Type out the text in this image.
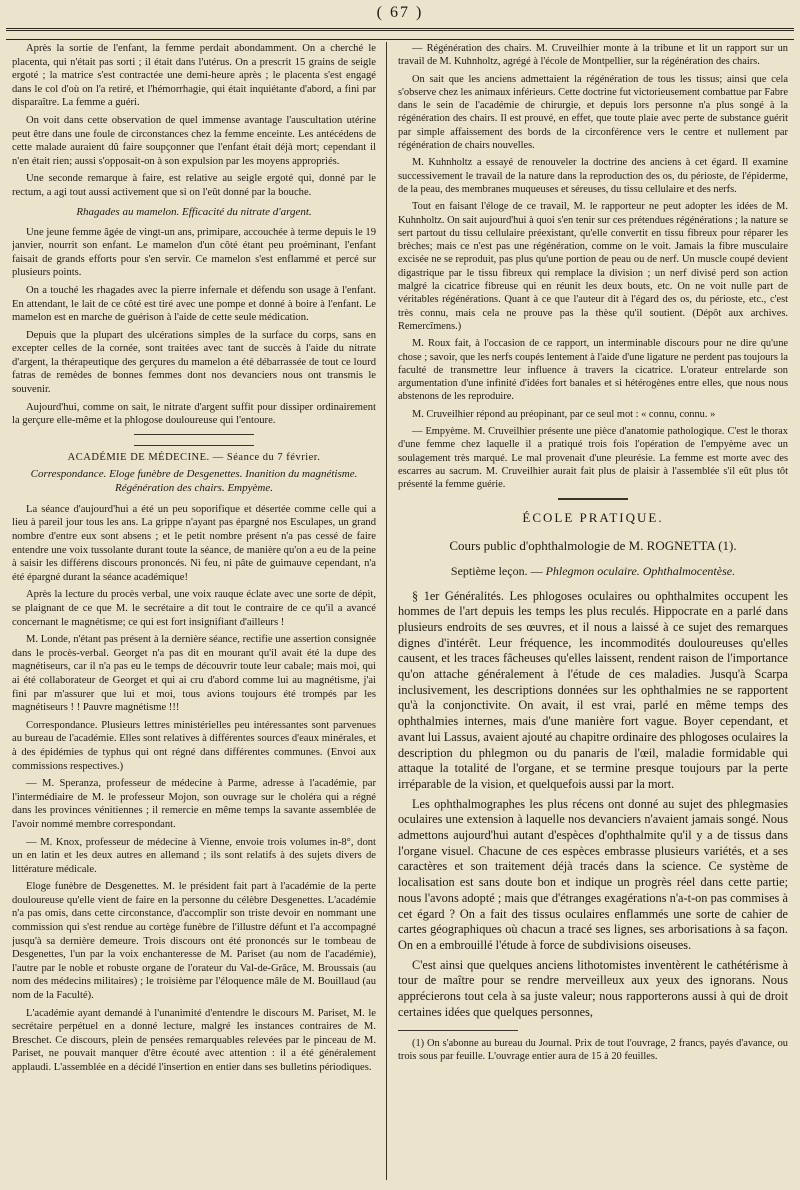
( 67 )

Après la sortie de l'enfant, la femme perdait abondamment. On a cherché le placenta, qui n'était pas sorti ; il était dans l'utérus. On a prescrit 15 grains de seigle ergoté ; la matrice s'est contractée une demi-heure après ; le placenta s'est engagé dans le col d'où on l'a retiré, et l'hémorrhagie, qui était inquiétante d'abord, a fini par disparaître. La femme a guéri.

On voit dans cette observation de quel immense avantage l'auscultation utérine peut être dans une foule de circonstances chez la femme enceinte. Les antécédens de cette malade auraient dû faire soupçonner que l'enfant était déjà mort; cependant il n'en était rien; aussi s'opposait-on à son expulsion par les moyens appropriés.

Une seconde remarque à faire, est relative au seigle ergoté qui, donné par le rectum, a agi tout aussi activement que si on l'eût donné par la bouche.

Rhagades au mamelon. Efficacité du nitrate d'argent.

Une jeune femme âgée de vingt-un ans, primipare, accouchée à terme depuis le 19 janvier, nourrit son enfant. Le mamelon d'un côté étant peu proéminant, l'enfant faisait de grands efforts pour s'en servir. Ce mamelon s'est enflammé et percé sur plusieurs points.

On a touché les rhagades avec la pierre infernale et défendu son usage à l'enfant. En attendant, le lait de ce côté est tiré avec une pompe et donné à boire à l'enfant. Le mamelon est en marche de guérison à l'aide de cette seule médication.

Depuis que la plupart des ulcérations simples de la surface du corps, sans en excepter celles de la cornée, sont traitées avec tant de succès à l'aide du nitrate d'argent, la thérapeutique des gerçures du mamelon a été débarrassée de tout ce lourd fatras de remèdes de bonnes femmes dont nos devanciers nous ont transmis le souvenir.

Aujourd'hui, comme on sait, le nitrate d'argent suffit pour dissiper ordinairement la gerçure elle-même et la phlogose douloureuse qui l'entoure.

ACADÉMIE DE MÉDECINE. — Séance du 7 février.
Correspondance. Eloge funèbre de Desgenettes. Inanition du magnétisme. Régénération des chairs. Empyème.

La séance d'aujourd'hui a été un peu soporifique et désertée comme celle qui a lieu à pareil jour tous les ans. La grippe n'ayant pas épargné nos Esculapes, un grand nombre d'entre eux sont absens ; et le petit nombre présent n'a pas cessé de faire entendre une voix tussolante durant toute la séance, de manière qu'on a eu de la peine à saisir les différens discours prononcés. Ni feu, ni pâte de guimauve cependant, n'a été épargné durant la séance académique!

Après la lecture du procès verbal, une voix rauque éclate avec une sorte de dépit, se plaignant de ce que M. le secrétaire a dit tout le contraire de ce qu'il a avancé concernant le magnétisme; ce qui est fort insignifiant d'ailleurs !

M. Londe, n'étant pas présent à la dernière séance, rectifie une assertion consignée dans le procès-verbal. Georget n'a pas dit en mourant qu'il avait été la dupe des magnétiseurs, car il n'a pas eu le temps de découvrir toute leur cabale; mais moi, qui ai été collaborateur de Georget et qui ai cru d'abord comme lui au magnétisme, j'ai fini par m'assurer que lui et moi, tous avions toujours été trompés par les magnétiseurs ! ! Pauvre magnétisme !!!

Correspondance. Plusieurs lettres ministérielles peu intéressantes sont parvenues au bureau de l'académie. Elles sont relatives à différentes sources d'eaux minérales, et à des épidémies de typhus qui ont régné dans différentes communes. (Envoi aux commissions respectives.)

— M. Speranza, professeur de médecine à Parme, adresse à l'académie, par l'intermédiaire de M. le professeur Mojon, son ouvrage sur le choléra qui a régné dans les provinces vénitiennes ; il remercie en même temps la savante assemblée de l'avoir nommé membre correspondant.

— M. Knox, professeur de médecine à Vienne, envoie trois volumes in-8°, dont un en latin et les deux autres en allemand ; ils sont relatifs à des sujets divers de littérature médicale.

Eloge funèbre de Desgenettes. M. le président fait part à l'académie de la perte douloureuse qu'elle vient de faire en la personne du célèbre Desgenettes. L'académie n'a pas omis, dans cette circonstance, d'accomplir son triste devoir en nommant une commission qui s'est rendue au cortège funèbre de l'illustre défunt et l'a accompagné jusqu'à sa dernière demeure. Trois discours ont été prononcés sur le tombeau de Desgenettes, l'un par la voix enchanteresse de M. Pariset (au nom de l'académie), l'autre par le noble et robuste organe de l'orateur du Val-de-Grâce, M. Broussais (au nom des médecins militaires) ; le troisième par l'éloquence mâle de M. Bouillaud (au nom de la Faculté).

L'académie ayant demandé à l'unanimité d'entendre le discours M. Pariset, M. le secrétaire perpétuel en a donné lecture, malgré les instances contraires de M. Breschet. Ce discours, plein de pensées remarquables relevées par le pinceau de M. Pariset, ne pouvait manquer d'être écouté avec attention : il a été généralement applaudi. L'assemblée en a décidé l'insertion en entier dans ses bulletins périodiques.

— Régénération des chairs. M. Cruveilhier monte à la tribune et lit un rapport sur un travail de M. Kuhnholtz, agrégé à l'école de Montpellier, sur la régénération des chairs.

On sait que les anciens admettaient la régénération de tous les tissus; ainsi que cela s'observe chez les animaux inférieurs. Cette doctrine fut victorieusement combattue par Fabre dans le sein de l'académie de chirurgie, et depuis lors personne n'a plus songé à la régénération des chairs. Il est prouvé, en effet, que toute plaie avec perte de substance guérit par simple affaissement des bords de la circonférence vers le centre et nullement par régénération de chairs nouvelles.

M. Kuhnholtz a essayé de renouveler la doctrine des anciens à cet égard. Il examine successivement le travail de la nature dans la reproduction des os, du périoste, de l'épiderme, de la peau, des membranes muqueuses et séreuses, du tissu cellulaire et des nerfs.

Tout en faisant l'éloge de ce travail, M. le rapporteur ne peut adopter les idées de M. Kuhnholtz. On sait aujourd'hui à quoi s'en tenir sur ces prétendues régénérations ; la nature se sert partout du tissu cellulaire préexistant, qu'elle convertit en tissu fibreux pour réparer les brèches; mais ce n'est pas une régénération, comme on le voit. Jamais la fibre musculaire excisée ne se reproduit, pas plus qu'une portion de peau ou de nerf. Un muscle coupé devient digastrique par le tissu fibreux qui remplace la division ; un nerf divisé perd son action malgré la cicatrice fibreuse qui en réunit les deux bouts, etc. On ne voit nulle part de véritables régénérations. Quant à ce que l'auteur dit à l'égard des os, du périoste, etc., c'est très connu, mais cela ne prouve pas la thèse qu'il soutient. (Dépôt aux archives. Remercîmens.)

M. Roux fait, à l'occasion de ce rapport, un interminable discours pour ne dire qu'une chose ; savoir, que les nerfs coupés lentement à l'aide d'une ligature ne perdent pas toujours la faculté de transmettre leur influence à travers la cicatrice. L'orateur entrelarde son argumentation d'une infinité d'idées fort banales et si hétérogènes entre elles, que nous nous abstenons de les reproduire.

M. Cruveilhier répond au préopinant, par ce seul mot : « connu, connu. »

— Empyème. M. Cruveilhier présente une pièce d'anatomie pathologique. C'est le thorax d'une femme chez laquelle il a pratiqué trois fois l'opération de l'empyème avec un soulagement très marqué. Le mal provenait d'une pleurésie. La femme est morte avec des escarres au sacrum. M. Cruveilhier aurait fait plus de plaisir à l'assemblée s'il eût plus tôt présenté la femme guérie.

ÉCOLE PRATIQUE.
Cours public d'ophthalmologie de M. ROGNETTA (1).
Septième leçon. — Phlegmon oculaire. Ophthalmocentèse.

§ 1er Généralités. Les phlogoses oculaires ou ophthalmites occupent les hommes de l'art depuis les temps les plus reculés. Hippocrate en a parlé dans plusieurs endroits de ses œuvres, et il nous a laissé à ce sujet des remarques dignes d'intérêt. Leur fréquence, les incommodités douloureuses qu'elles causent, et les traces fâcheuses qu'elles laissent, rendent raison de l'importance qu'on attache généralement à l'étude de ces maladies. Jusqu'à Scarpa inclusivement, les descriptions données sur les ophthalmies ne se rapportent qu'à la conjonctivite. On avait, il est vrai, parlé en même temps des ophthalmies internes, mais d'une manière fort vague. Boyer cependant, et avant lui Lassus, avaient ajouté au chapitre ordinaire des phlogoses oculaires la description du phlegmon ou du panaris de l'œil, maladie formidable qui attaque la totalité de l'organe, et se termine presque toujours par la perte irréparable de la vision, et quelquefois aussi par la mort.

Les ophthalmographes les plus récens ont donné au sujet des phlegmasies oculaires une extension à laquelle nos devanciers n'avaient jamais songé. Nous admettons aujourd'hui autant d'espèces d'ophthalmite qu'il y a de tissus dans l'organe visuel. Chacune de ces espèces embrasse plusieurs variétés, et a ses caractères et son traitement déjà tracés dans la science. Ce système de localisation est sans doute bon et indique un progrès réel dans cette partie; nous l'avons adopté ; mais que d'étranges exagérations n'a-t-on pas commises à cet égard ? On a fait des tissus oculaires enflammés une sorte de cahier de cartes géographiques où chacun a tracé ses lignes, ses arborisations à sa façon. On en a embrouillé l'étude à force de subdivisions oiseuses.

C'est ainsi que quelques anciens lithotomistes inventèrent le cathétérisme à tour de maître pour se rendre merveilleux aux yeux des ignorans. Nous apprécierons tout cela à sa juste valeur; nous rapporterons aussi à qui de droit certaines idées que quelques personnes,

(1) On s'abonne au bureau du Journal. Prix de tout l'ouvrage, 2 francs, payés d'avance, ou trois sous par feuille. L'ouvrage entier aura de 15 à 20 feuilles.
